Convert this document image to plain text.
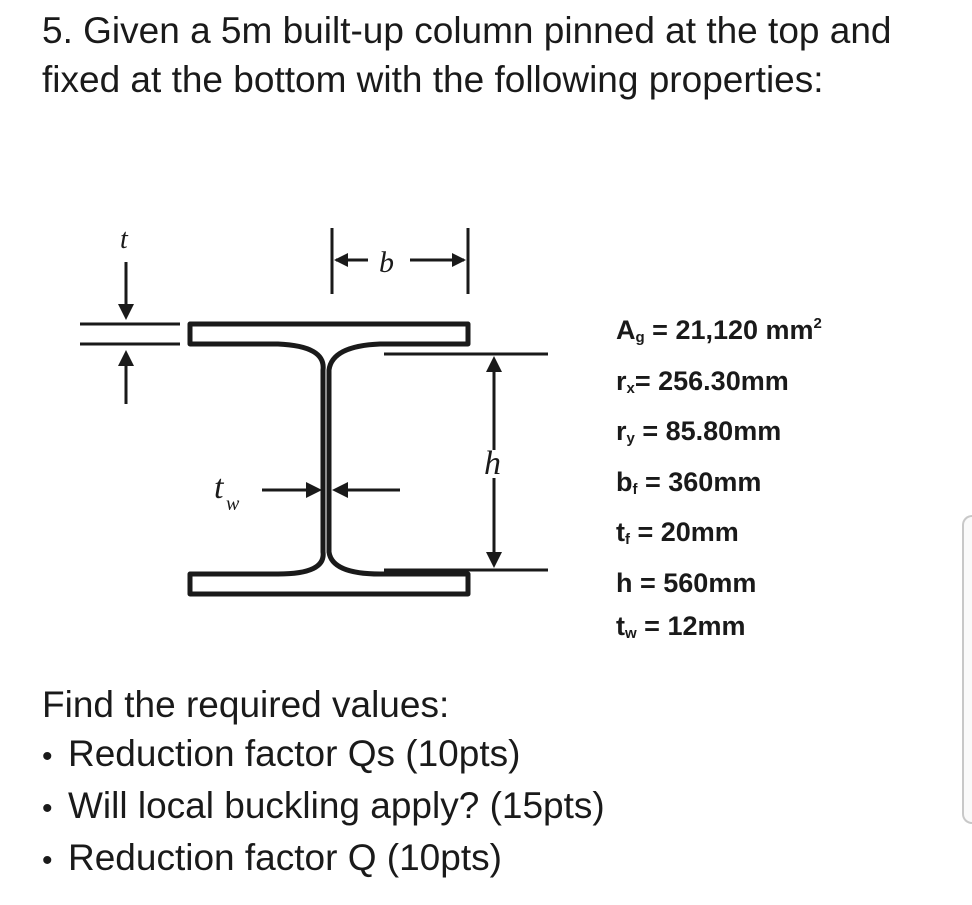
5. Given a 5m built-up column pinned at the top and fixed at the bottom with the following properties:
t
b
h
t w
$A_g = 21,120$ $mm^2$
$r_x= 256.30mm$
$r_y = 85.80mm$
$b_f = 360mm$
$t_f = 20mm$
h = 560mm
$t_w = 12mm$
Find the required values:
• Reduction factor Qs (10pts)
• Will local buckling apply? (15pts)
• Reduction factor Q (10pts)
